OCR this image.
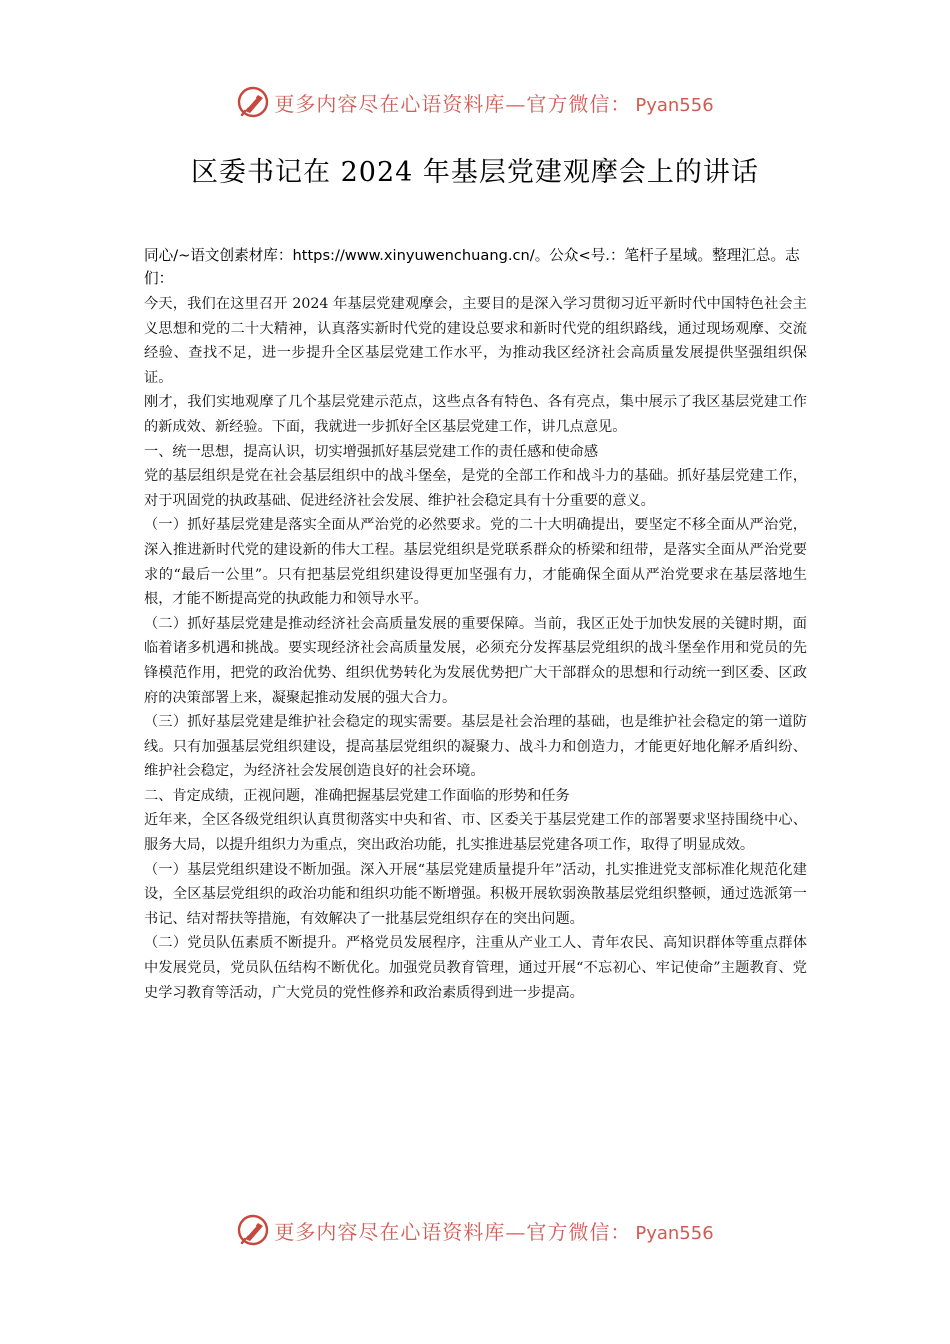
更多内容尽在心语资料库—官方微信： Pyan556
区委书记在 2024 年基层党建观摩会上的讲话

同心/~语文创素材库：https://www.xinyuwenchuang.cn/。公众<号.：笔杆子星域。整理汇总。志们：

今天，我们在这里召开 2024 年基层党建观摩会，主要目的是深入学习贯彻习近平新时代中国特色社会主义思想和党的二十大精神，认真落实新时代党的建设总要求和新时代党的组织路线，通过现场观摩、交流经验、查找不足，进一步提升全区基层党建工作水平，为推动我区经济社会高质量发展提供坚强组织保证。

刚才，我们实地观摩了几个基层党建示范点，这些点各有特色、各有亮点，集中展示了我区基层党建工作的新成效、新经验。下面，我就进一步抓好全区基层党建工作，讲几点意见。

一、统一思想，提高认识，切实增强抓好基层党建工作的责任感和使命感

党的基层组织是党在社会基层组织中的战斗堡垒，是党的全部工作和战斗力的基础。抓好基层党建工作，对于巩固党的执政基础、促进经济社会发展、维护社会稳定具有十分重要的意义。

（一）抓好基层党建是落实全面从严治党的必然要求。党的二十大明确提出，要坚定不移全面从严治党，深入推进新时代党的建设新的伟大工程。基层党组织是党联系群众的桥梁和纽带，是落实全面从严治党要求的“最后一公里”。只有把基层党组织建设得更加坚强有力，才能确保全面从严治党要求在基层落地生根，才能不断提高党的执政能力和领导水平。

（二）抓好基层党建是推动经济社会高质量发展的重要保障。当前，我区正处于加快发展的关键时期，面临着诸多机遇和挑战。要实现经济社会高质量发展，必须充分发挥基层党组织的战斗堡垒作用和党员的先锋模范作用，把党的政治优势、组织优势转化为发展优势把广大干部群众的思想和行动统一到区委、区政府的决策部署上来，凝聚起推动发展的强大合力。

（三）抓好基层党建是维护社会稳定的现实需要。基层是社会治理的基础，也是维护社会稳定的第一道防线。只有加强基层党组织建设，提高基层党组织的凝聚力、战斗力和创造力，才能更好地化解矛盾纠纷、维护社会稳定，为经济社会发展创造良好的社会环境。

二、肯定成绩，正视问题，准确把握基层党建工作面临的形势和任务

近年来，全区各级党组织认真贯彻落实中央和省、市、区委关于基层党建工作的部署要求坚持围绕中心、服务大局，以提升组织力为重点，突出政治功能，扎实推进基层党建各项工作，取得了明显成效。

（一）基层党组织建设不断加强。深入开展“基层党建质量提升年”活动，扎实推进党支部标准化规范化建设，全区基层党组织的政治功能和组织功能不断增强。积极开展软弱涣散基层党组织整顿，通过选派第一书记、结对帮扶等措施，有效解决了一批基层党组织存在的突出问题。

（二）党员队伍素质不断提升。严格党员发展程序，注重从产业工人、青年农民、高知识群体等重点群体中发展党员，党员队伍结构不断优化。加强党员教育管理，通过开展“不忘初心、牢记使命”主题教育、党史学习教育等活动，广大党员的党性修养和政治素质得到进一步提高。

更多内容尽在心语资料库—官方微信： Pyan556
